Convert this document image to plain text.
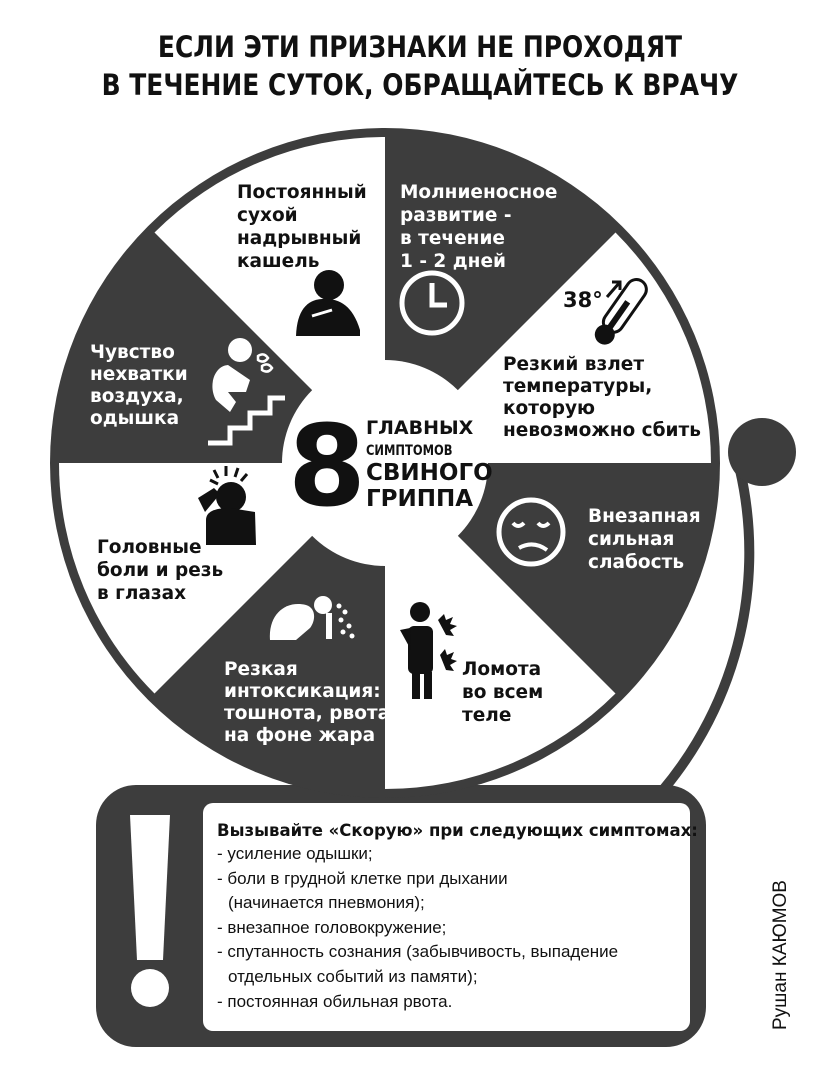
ЕСЛИ ЭТИ ПРИЗНАКИ НЕ ПРОХОДЯТ
В ТЕЧЕНИЕ СУТОК, ОБРАЩАЙТЕСЬ К ВРАЧУ
8 ГЛАВНЫХ
СИМПТОМОВ
СВИНОГО
ГРИППА
Постоянный сухой надрывный кашель
Молниеносное развитие - в течение 1 - 2 дней
Резкий взлет температуры, которую невозможно сбить
Внезапная сильная слабость
Ломота во всем теле
Резкая интоксикация: тошнота, рвота на фоне жара
Головные боли и резь в глазах
Чувство нехватки воздуха, одышка
38°
Вызывайте «Скорую» при следующих симптомах:
- усиление одышки;
- боли в грудной клетке при дыхании
(начинается пневмония);
- внезапное головокружение;
- спутанность сознания (забывчивость, выпадение
отдельных событий из памяти);
- постоянная обильная рвота.	Рушан КАЮМОВ
